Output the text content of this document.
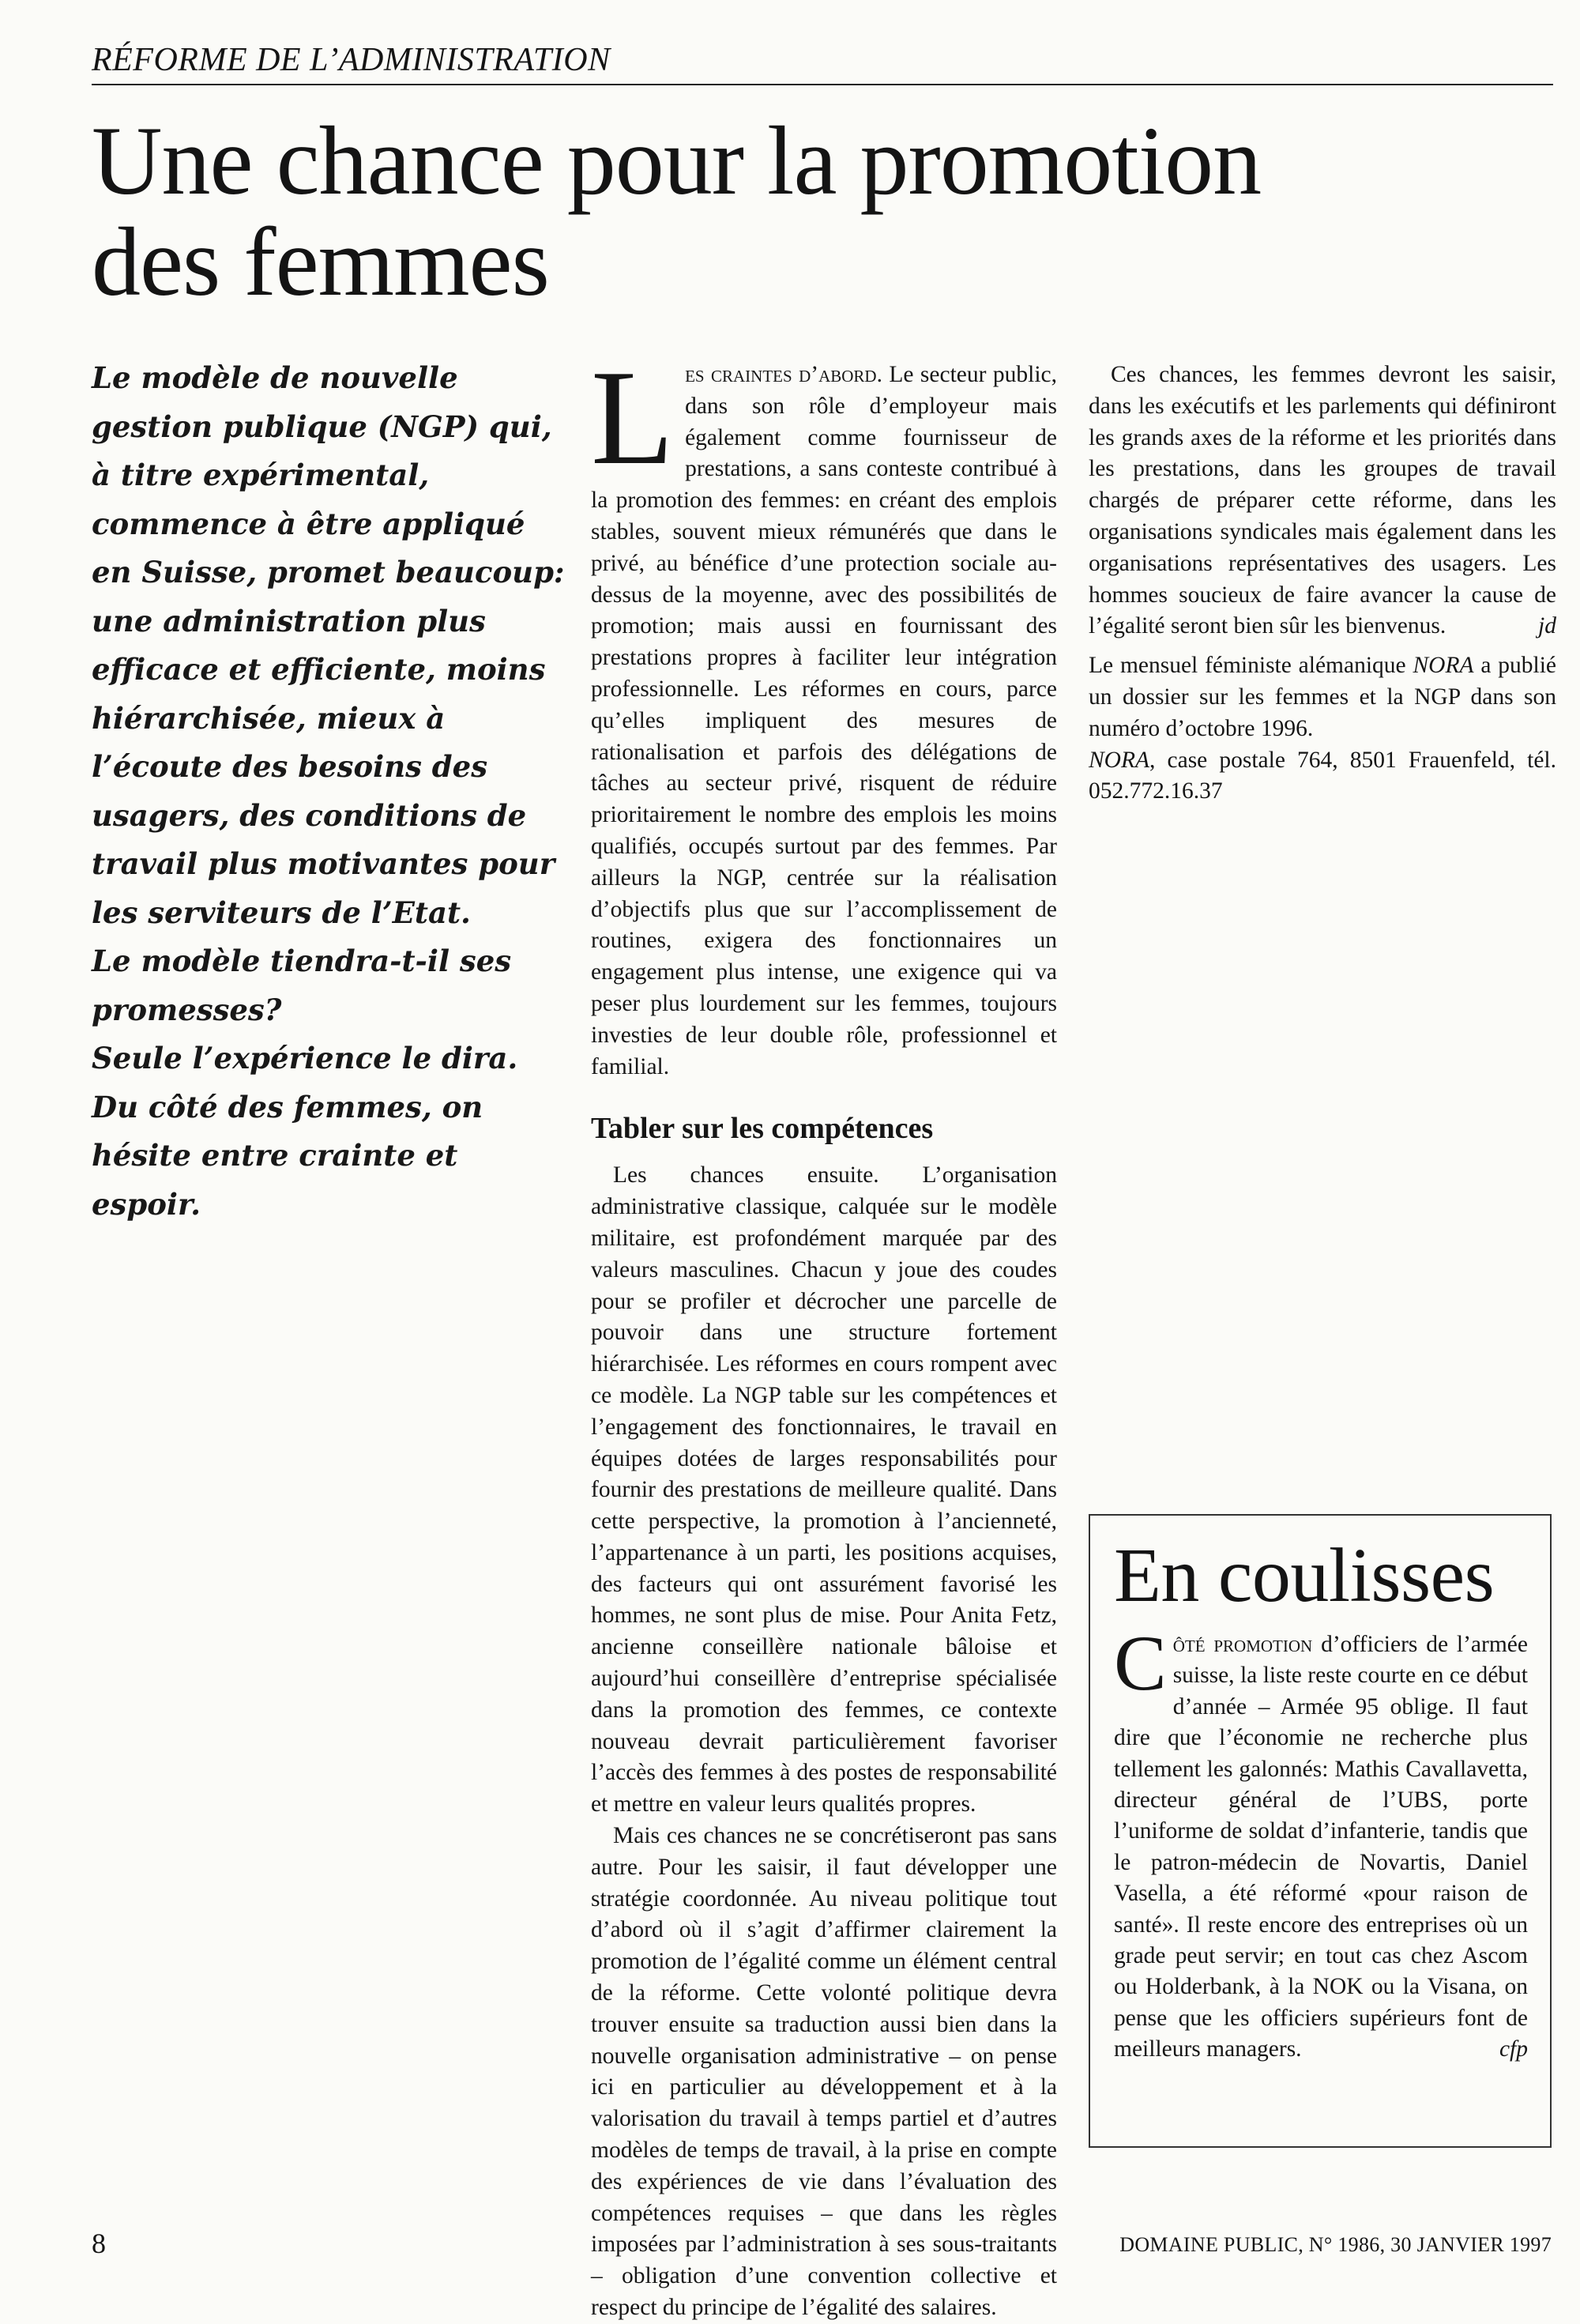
RÉFORME DE L’ADMINISTRATION
Une chance pour la promotion
des femmes

Le modèle de nouvelle gestion publique (NGP) qui, à titre expérimental, commence à être appliqué en Suisse, promet beaucoup: une administration plus efficace et efficiente, moins hiérarchisée, mieux à l’écoute des besoins des usagers, des conditions de travail plus motivantes pour les serviteurs de l’Etat.

Le modèle tiendra-t-il ses promesses?

Seule l’expérience le dira.

Du côté des femmes, on hésite entre crainte et espoir.

Les craintes d’abord. Le secteur public, dans son rôle d’employeur mais également comme fournisseur de prestations, a sans conteste contribué à la promotion des femmes: en créant des emplois stables, souvent mieux rémunérés que dans le privé, au bénéfice d’une protection sociale au-dessus de la moyenne, avec des possibilités de promotion; mais aussi en fournissant des prestations propres à faciliter leur intégration professionnelle. Les réformes en cours, parce qu’elles impliquent des mesures de rationalisation et parfois des délégations de tâches au secteur privé, risquent de réduire prioritairement le nombre des emplois les moins qualifiés, occupés surtout par des femmes. Par ailleurs la NGP, centrée sur la réalisation d’objectifs plus que sur l’accomplissement de routines, exigera des fonctionnaires un engagement plus intense, une exigence qui va peser plus lourdement sur les femmes, toujours investies de leur double rôle, professionnel et familial.

Tabler sur les compétences

Les chances ensuite. L’organisation administrative classique, calquée sur le modèle militaire, est profondément marquée par des valeurs masculines. Chacun y joue des coudes pour se profiler et décrocher une parcelle de pouvoir dans une structure fortement hiérarchisée. Les réformes en cours rompent avec ce modèle. La NGP table sur les compétences et l’engagement des fonctionnaires, le travail en équipes dotées de larges responsabilités pour fournir des prestations de meilleure qualité. Dans cette perspective, la promotion à l’ancienneté, l’appartenance à un parti, les positions acquises, des facteurs qui ont assurément favorisé les hommes, ne sont plus de mise. Pour Anita Fetz, ancienne conseillère nationale bâloise et aujourd’hui conseillère d’entreprise spécialisée dans la promotion des femmes, ce contexte nouveau devrait particulièrement favoriser l’accès des femmes à des postes de responsabilité et mettre en valeur leurs qualités propres.

Mais ces chances ne se concrétiseront pas sans autre. Pour les saisir, il faut développer une stratégie coordonnée. Au niveau politique tout d’abord où il s’agit d’affirmer clairement la promotion de l’égalité comme un élément central de la réforme. Cette volonté politique devra trouver ensuite sa traduction aussi bien dans la nouvelle organisation administrative – on pense ici en particulier au développement et à la valorisation du travail à temps partiel et d’autres modèles de temps de travail, à la prise en compte des expériences de vie dans l’évaluation des compétences requises – que dans les règles imposées par l’administration à ses sous-traitants – obligation d’une convention collective et respect du principe de l’égalité des salaires.

Ces chances, les femmes devront les saisir, dans les exécutifs et les parlements qui définiront les grands axes de la réforme et les priorités dans les prestations, dans les groupes de travail chargés de préparer cette réforme, dans les organisations syndicales mais également dans les organisations représentatives des usagers. Les hommes soucieux de faire avancer la cause de l’égalité seront bien sûr les bienvenus.	jd

Le mensuel féministe alémanique NORA a publié un dossier sur les femmes et la NGP dans son numéro d’octobre 1996.

NORA, case postale 764, 8501 Frauenfeld, tél. 052.772.16.37

En coulisses

Côté promotion d’officiers de l’armée suisse, la liste reste courte en ce début d’année – Armée 95 oblige. Il faut dire que l’économie ne recherche plus tellement les galonnés: Mathis Cavallavetta, directeur général de l’UBS, porte l’uniforme de soldat d’infanterie, tandis que le patron-médecin de Novartis, Daniel Vasella, a été réformé «pour raison de santé». Il reste encore des entreprises où un grade peut servir; en tout cas chez Ascom ou Holderbank, à la NOK ou la Visana, on pense que les officiers supérieurs font de meilleurs managers.	cfp

8	DOMAINE PUBLIC, N° 1986, 30 JANVIER 1997
